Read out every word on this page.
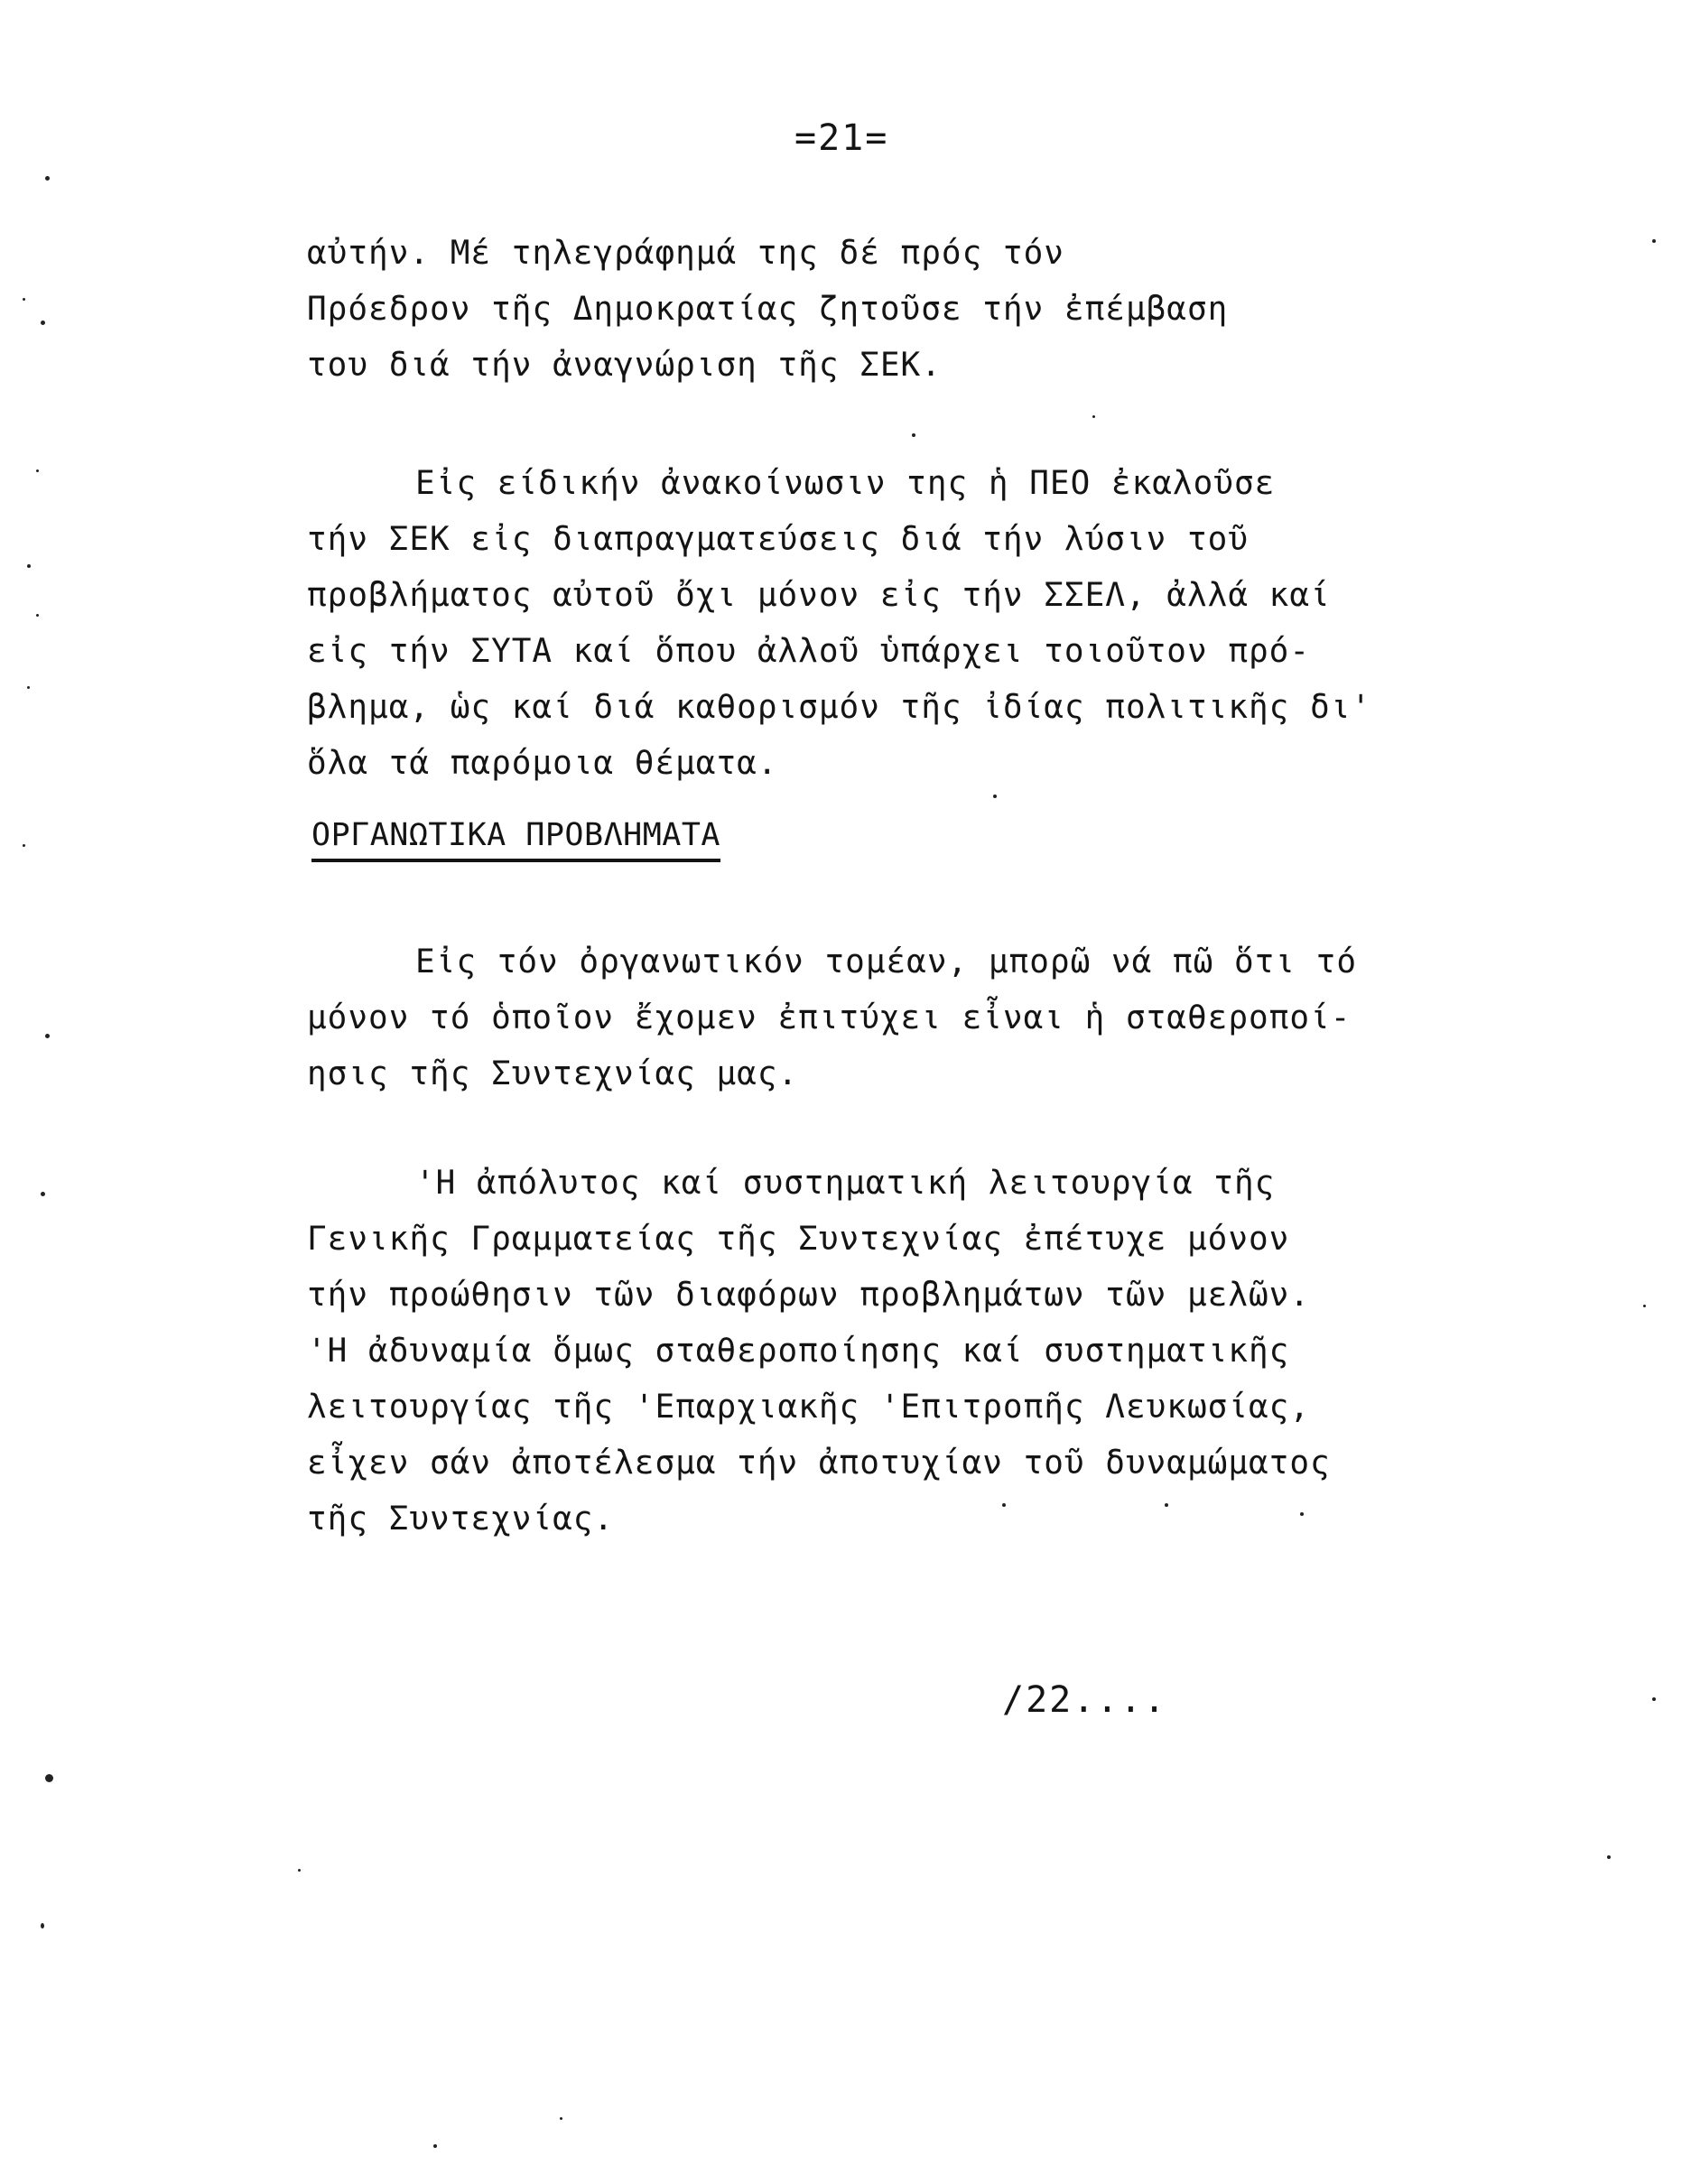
=21=
αὐτήν. Μέ τηλεγράφημά της δέ πρός τόν
Πρόεδρον τῆς Δημοκρατίας ζητοῦσε τήν ἐπέμβαση
του διά τήν ἀναγνώριση τῆς ΣΕΚ.
Εἰς είδικήν ἀνακοίνωσιν της ἡ ΠΕΟ ἐκαλοῦσε
τήν ΣΕΚ εἰς διαπραγματεύσεις διά τήν λύσιν τοῦ
προβλήματος αὐτοῦ ὄχι μόνον εἰς τήν ΣΣΕΛ, ἀλλά καί
εἰς τήν ΣΥΤΑ καί ὅπου ἀλλοῦ ὑπάρχει τοιοῦτον πρό-
βλημα, ὡς καί διά καθορισμόν τῆς ἰδίας πολιτικῆς δι'
ὅλα τά παρόμοια θέματα.
ΟΡΓΑΝΩΤΙΚΑ ΠΡΟΒΛΗΜΑΤΑ
Εἰς τόν ὀργανωτικόν τομέαν, μπορῶ νά πῶ ὅτι τό
μόνον τό ὁποῖον ἔχομεν ἐπιτύχει εἶναι ἡ σταθεροποί-
ησις τῆς Συντεχνίας μας.
'Η ἀπόλυτος καί συστηματική λειτουργία τῆς
Γενικῆς Γραμματείας τῆς Συντεχνίας ἐπέτυχε μόνον
τήν προώθησιν τῶν διαφόρων προβλημάτων τῶν μελῶν.
'Η ἀδυναμία ὅμως σταθεροποίησης καί συστηματικῆς
λειτουργίας τῆς 'Επαρχιακῆς 'Επιτροπῆς Λευκωσίας,
εἶχεν σάν ἀποτέλεσμα τήν ἀποτυχίαν τοῦ δυναμώματος
τῆς Συντεχνίας.
/22....
